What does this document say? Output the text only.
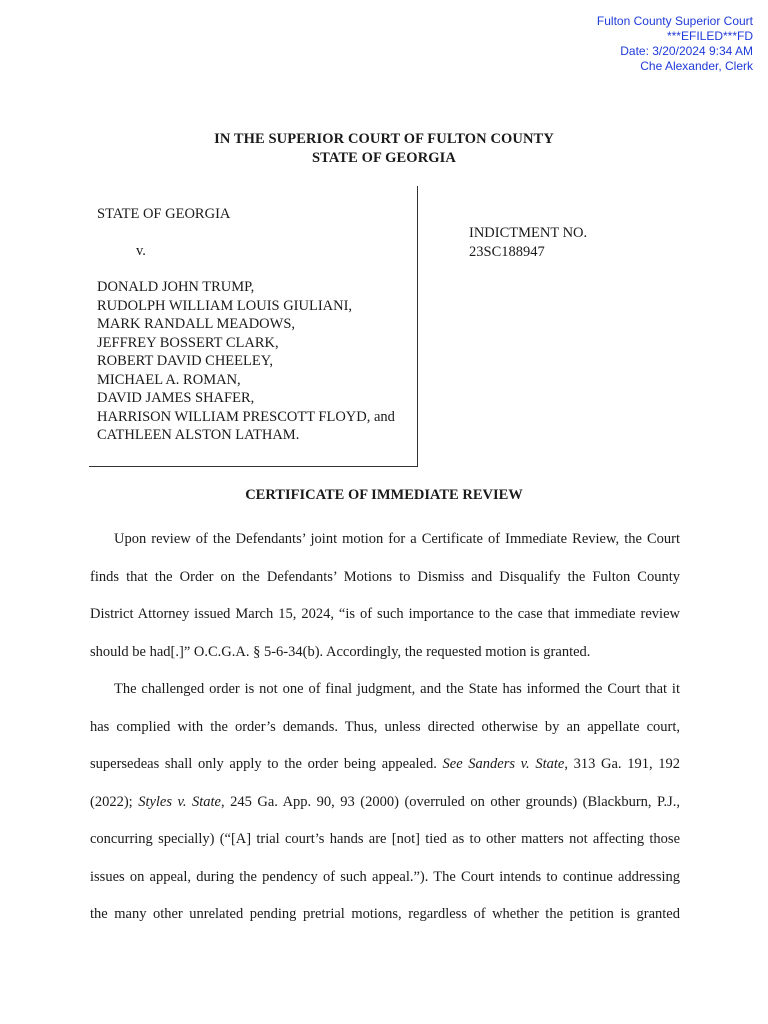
Fulton County Superior Court
***EFILED***FD
Date: 3/20/2024 9:34 AM
Che Alexander, Clerk
IN THE SUPERIOR COURT OF FULTON COUNTY
STATE OF GEORGIA
STATE OF GEORGIA
v.
DONALD JOHN TRUMP,
RUDOLPH WILLIAM LOUIS GIULIANI,
MARK RANDALL MEADOWS,
JEFFREY BOSSERT CLARK,
ROBERT DAVID CHEELEY,
MICHAEL A. ROMAN,
DAVID JAMES SHAFER,
HARRISON WILLIAM PRESCOTT FLOYD, and
CATHLEEN ALSTON LATHAM.
INDICTMENT NO.
23SC188947
CERTIFICATE OF IMMEDIATE REVIEW
Upon review of the Defendants’ joint motion for a Certificate of Immediate Review, the Court
finds that the Order on the Defendants’ Motions to Dismiss and Disqualify the Fulton County
District Attorney issued March 15, 2024, “is of such importance to the case that immediate review
should be had[.]” O.C.G.A. § 5-6-34(b). Accordingly, the requested motion is granted.
The challenged order is not one of final judgment, and the State has informed the Court that it
has complied with the order’s demands. Thus, unless directed otherwise by an appellate court,
supersedeas shall only apply to the order being appealed. See Sanders v. State, 313 Ga. 191, 192
(2022); Styles v. State, 245 Ga. App. 90, 93 (2000) (overruled on other grounds) (Blackburn, P.J.,
concurring specially) (“[A] trial court’s hands are [not] tied as to other matters not affecting those
issues on appeal, during the pendency of such appeal.”). The Court intends to continue addressing
the many other unrelated pending pretrial motions, regardless of whether the petition is granted
